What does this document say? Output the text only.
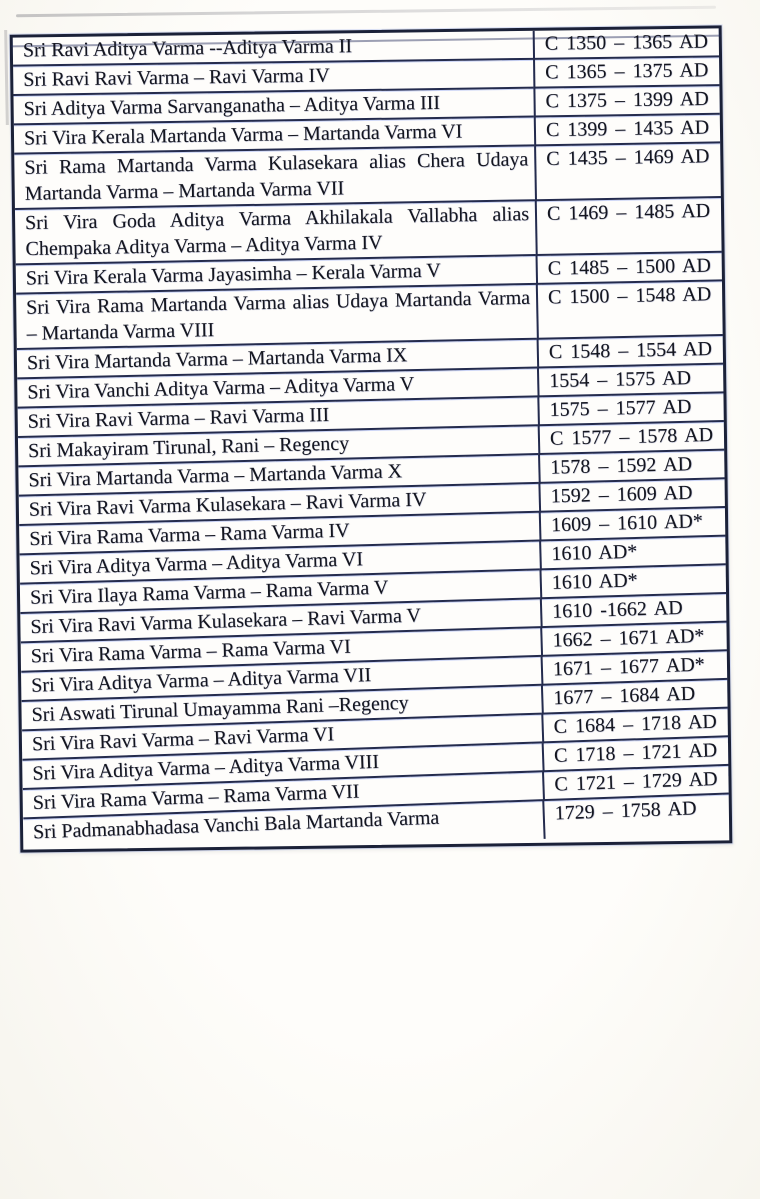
Sri Ravi Aditya Varma --Aditya Varma II	C 1350 – 1365 AD
Sri Ravi Ravi Varma – Ravi Varma IV	C 1365 – 1375 AD
Sri Aditya Varma Sarvanganatha – Aditya Varma III	C 1375 – 1399 AD
Sri Vira Kerala Martanda Varma – Martanda Varma VI	C 1399 – 1435 AD
Sri Rama Martanda Varma Kulasekara alias Chera Udaya Martanda Varma – Martanda Varma VII	C 1435 – 1469 AD
Sri Vira Goda Aditya Varma Akhilakala Vallabha alias Chempaka Aditya Varma – Aditya Varma IV	C 1469 – 1485 AD
Sri Vira Kerala Varma Jayasimha – Kerala Varma V	C 1485 – 1500 AD
Sri Vira Rama Martanda Varma alias Udaya Martanda Varma – Martanda Varma VIII	C 1500 – 1548 AD
Sri Vira Martanda Varma – Martanda Varma IX	C 1548 – 1554 AD
Sri Vira Vanchi Aditya Varma – Aditya Varma V	1554 – 1575 AD
Sri Vira Ravi Varma – Ravi Varma III	1575 – 1577 AD
Sri Makayiram Tirunal, Rani – Regency	C 1577 – 1578 AD
Sri Vira Martanda Varma – Martanda Varma X	1578 – 1592 AD
Sri Vira Ravi Varma Kulasekara – Ravi Varma IV	1592 – 1609 AD
Sri Vira Rama Varma – Rama Varma IV	1609 – 1610 AD*
Sri Vira Aditya Varma – Aditya Varma VI	1610 AD*
Sri Vira Ilaya Rama Varma – Rama Varma V	1610 AD*
Sri Vira Ravi Varma Kulasekara – Ravi Varma V	1610 -1662 AD
Sri Vira Rama Varma – Rama Varma VI	1662 – 1671 AD*
Sri Vira Aditya Varma – Aditya Varma VII	1671 – 1677 AD*
Sri Aswati Tirunal Umayamma Rani –Regency	1677 – 1684 AD
Sri Vira Ravi Varma – Ravi Varma VI	C 1684 – 1718 AD
Sri Vira Aditya Varma – Aditya Varma VIII	C 1718 – 1721 AD
Sri Vira Rama Varma – Rama Varma VII	C 1721 – 1729 AD
Sri Padmanabhadasa Vanchi Bala Martanda Varma	1729 – 1758 AD
